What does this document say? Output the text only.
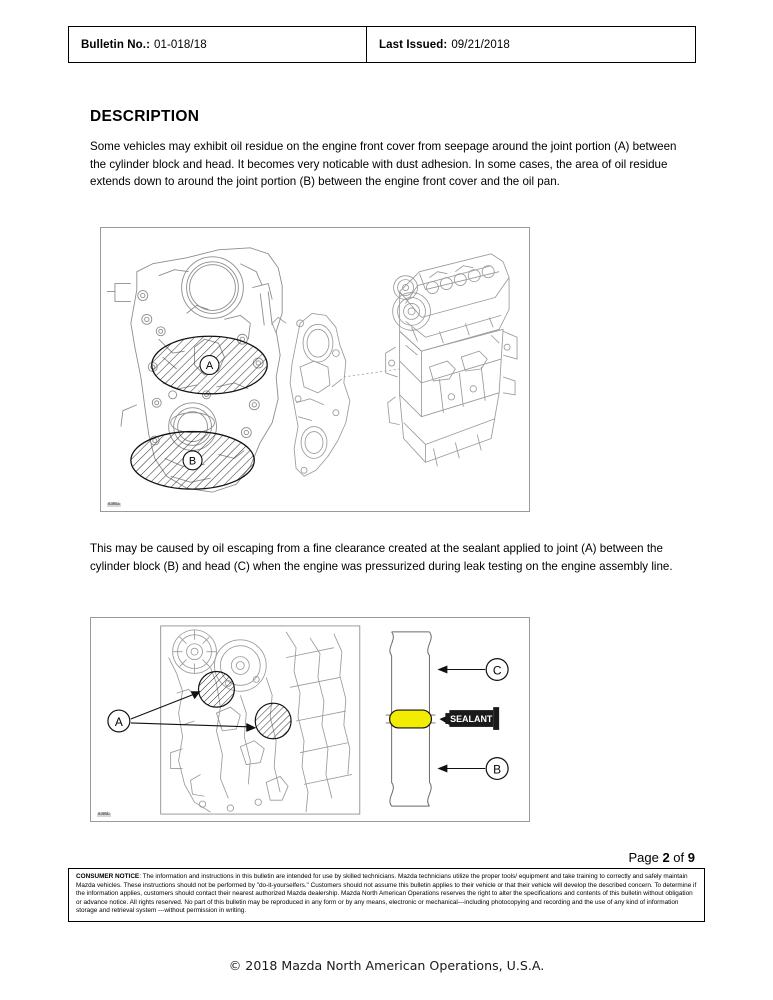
Bulletin No.: 01-018/18	Last Issued: 09/21/2018
DESCRIPTION
Some vehicles may exhibit oil residue on the engine front cover from seepage around the joint portion (A) between the cylinder block and head. It becomes very noticable with dust adhesion. In some cases, the area of oil residue extends down to around the joint portion (B) between the engine front cover and the oil pan.
A
B
8305a
This may be caused by oil escaping from a fine clearance created at the sealant applied to joint (A) between the cylinder block (B) and head (C) when the engine was pressurized during leak testing on the engine assembly line.
A
C
B
SEALANT
8305b
Page 2 of 9
CONSUMER NOTICE: The information and instructions in this bulletin are intended for use by skilled technicians. Mazda technicians utilize the proper tools/ equipment and take training to correctly and safely maintain Mazda vehicles. These instructions should not be performed by "do-it-yourselfers." Customers should not assume this bulletin applies to their vehicle or that their vehicle will develop the described concern. To determine if the information applies, customers should contact their nearest authorized Mazda dealership. Mazda North American Operations reserves the right to alter the specifications and contents of this bulletin without obligation or advance notice. All rights reserved. No part of this bulletin may be reproduced in any form or by any means, electronic or mechanical---including photocopying and recording and the use of any kind of information storage and retrieval system ---without permission in writing.
© 2018 Mazda North American Operations, U.S.A.
